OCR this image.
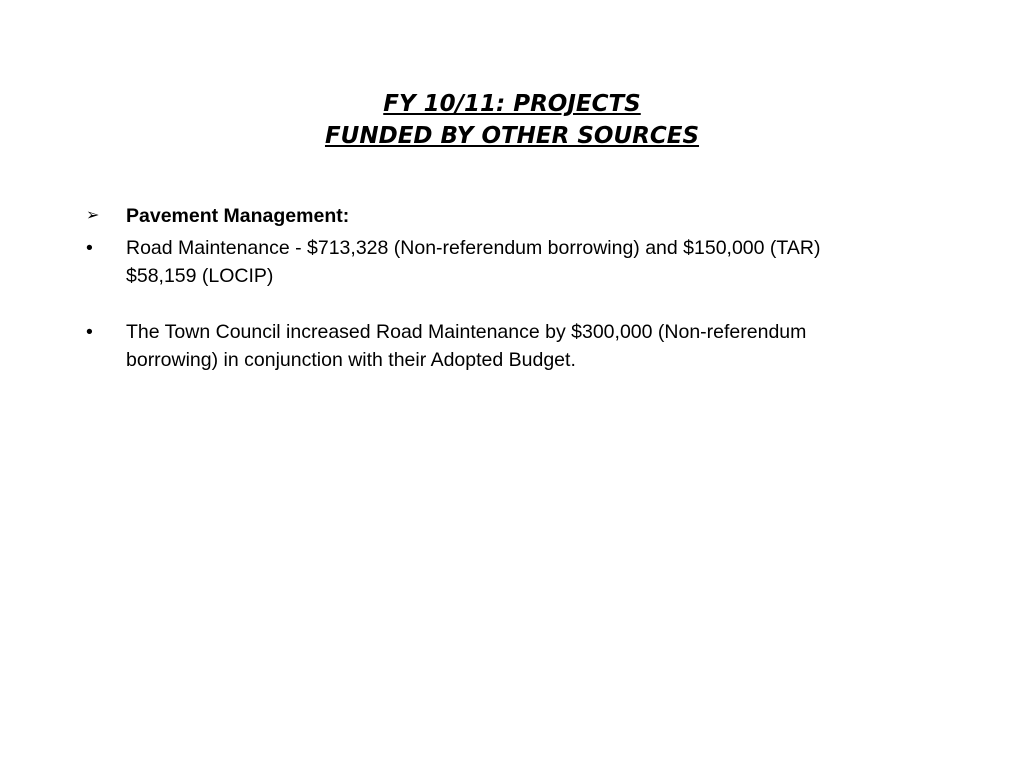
FY 10/11: PROJECTS
FUNDED BY OTHER SOURCES
➢	Pavement Management:
•	Road Maintenance - $713,328 (Non-referendum borrowing) and $150,000 (TAR)
$58,159 (LOCIP)
•	The Town Council increased Road Maintenance by $300,000 (Non-referendum
borrowing) in conjunction with their Adopted Budget.
